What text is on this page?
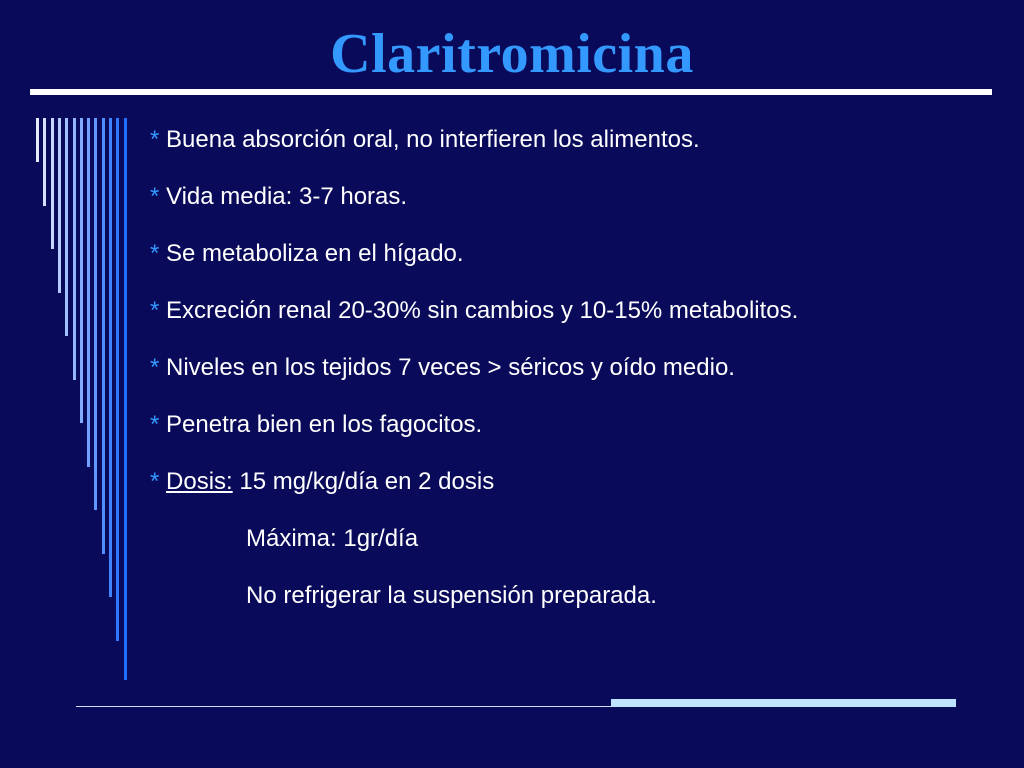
Claritromicina
* Buena absorción oral, no interfieren los alimentos.
* Vida media: 3-7 horas.
* Se metaboliza en el hígado.
* Excreción renal 20-30% sin cambios y 10-15% metabolitos.
* Niveles en los tejidos 7 veces > séricos y oído medio.
* Penetra bien en los fagocitos.
* Dosis: 15 mg/kg/día en 2 dosis
Máxima: 1gr/día
No refrigerar la suspensión preparada.
